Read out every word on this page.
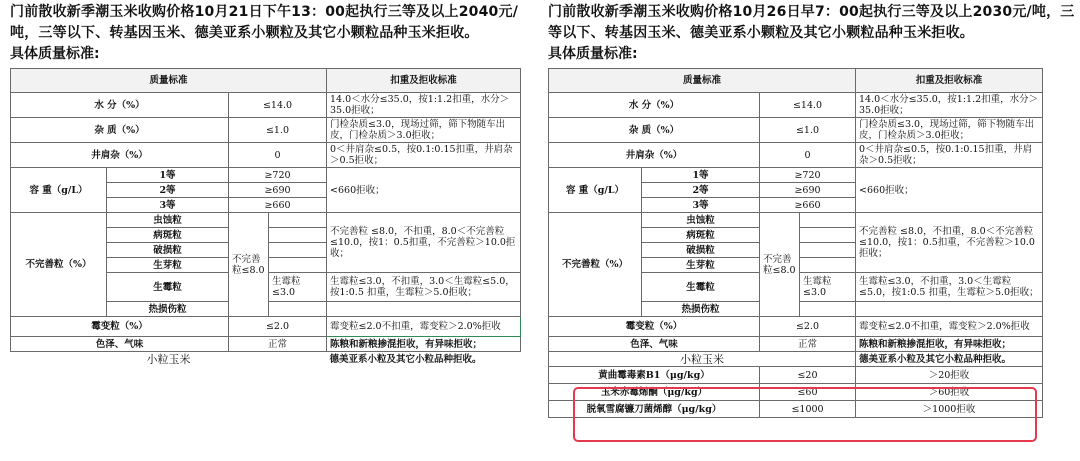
门前散收新季潮玉米收购价格10月21日下午13：00起执行三等及以上2040元/吨，三等以下、转基因玉米、德美亚系小颗粒及其它小颗粒品种玉米拒收。

具体质量标准:

质量标准				扣重及拒收标准
水 分（%）		≤14.0		14.0＜水分≤35.0，按1:1.2扣重，水分＞35.0拒收；
杂 质（%）		≤1.0		门检杂质≤3.0，现场过筛，筛下物随车出皮，门检杂质＞3.0拒收；
井肩杂（%）		0		0＜井肩杂≤0.5，按0.1:0.15扣重，井肩杂＞0.5拒收；
容 重（g/L）	1等	≥720		<660拒收；
	2等	≥690		
	3等	≥660		
不完善粒（%）	虫蚀粒	不完善粒≤8.0		不完善粒 ≤8.0，不扣重，8.0＜不完善粒≤10.0，按1：0.5扣重，不完善粒＞10.0拒收；
	病斑粒			
	破损粒			
	生芽粒			
	生霉粒		生霉粒 ≤3.0	生霉粒≤3.0，不扣重，3.0＜生霉粒≤5.0，按1:0.5 扣重，生霉粒＞5.0拒收；
	热损伤粒			
霉变粒（%）		≤2.0		霉变粒≤2.0不扣重，霉变粒＞2.0%拒收
色泽、气味		正常		陈粮和新粮掺混拒收，有异味拒收；
小粒玉米				德美亚系小粒及其它小粒品种拒收。

门前散收新季潮玉米收购价格10月26日早7：00起执行三等及以上2030元/吨，三等以下、转基因玉米、德美亚系小颗粒及其它小颗粒品种玉米拒收。

具体质量标准:

质量标准				扣重及拒收标准
水 分（%）		≤14.0		14.0＜水分≤35.0，按1:1.2扣重，水分＞35.0拒收；
杂 质（%）		≤1.0		门检杂质≤3.0，现场过筛，筛下物随车出皮，门检杂质＞3.0拒收；
井肩杂（%）		0		0＜井肩杂≤0.5，按0.1:0.15扣重，井肩杂＞0.5拒收；
容 重（g/L）	1等	≥720		<660拒收；
	2等	≥690		
	3等	≥660		
不完善粒（%）	虫蚀粒	不完善粒≤8.0		不完善粒 ≤8.0，不扣重，8.0＜不完善粒≤10.0，按1：0.5扣重，不完善粒＞10.0拒收；
	病斑粒			
	破损粒			
	生芽粒			
	生霉粒		生霉粒 ≤3.0	生霉粒≤3.0，不扣重，3.0＜生霉粒≤5.0，按1:0.5 扣重，生霉粒＞5.0拒收；
	热损伤粒			
霉变粒（%）		≤2.0		霉变粒≤2.0不扣重，霉变粒＞2.0%拒收
色泽、气味		正常		陈粮和新粮掺混拒收，有异味拒收；
小粒玉米				德美亚系小粒及其它小粒品种拒收。
黄曲霉毒素B1（μg/kg）		≤20		＞20拒收
玉米赤霉烯酮（μg/kg）		≤60		＞60拒收
脱氧雪腐镰刀菌烯醇（μg/kg）		≤1000		＞1000拒收
